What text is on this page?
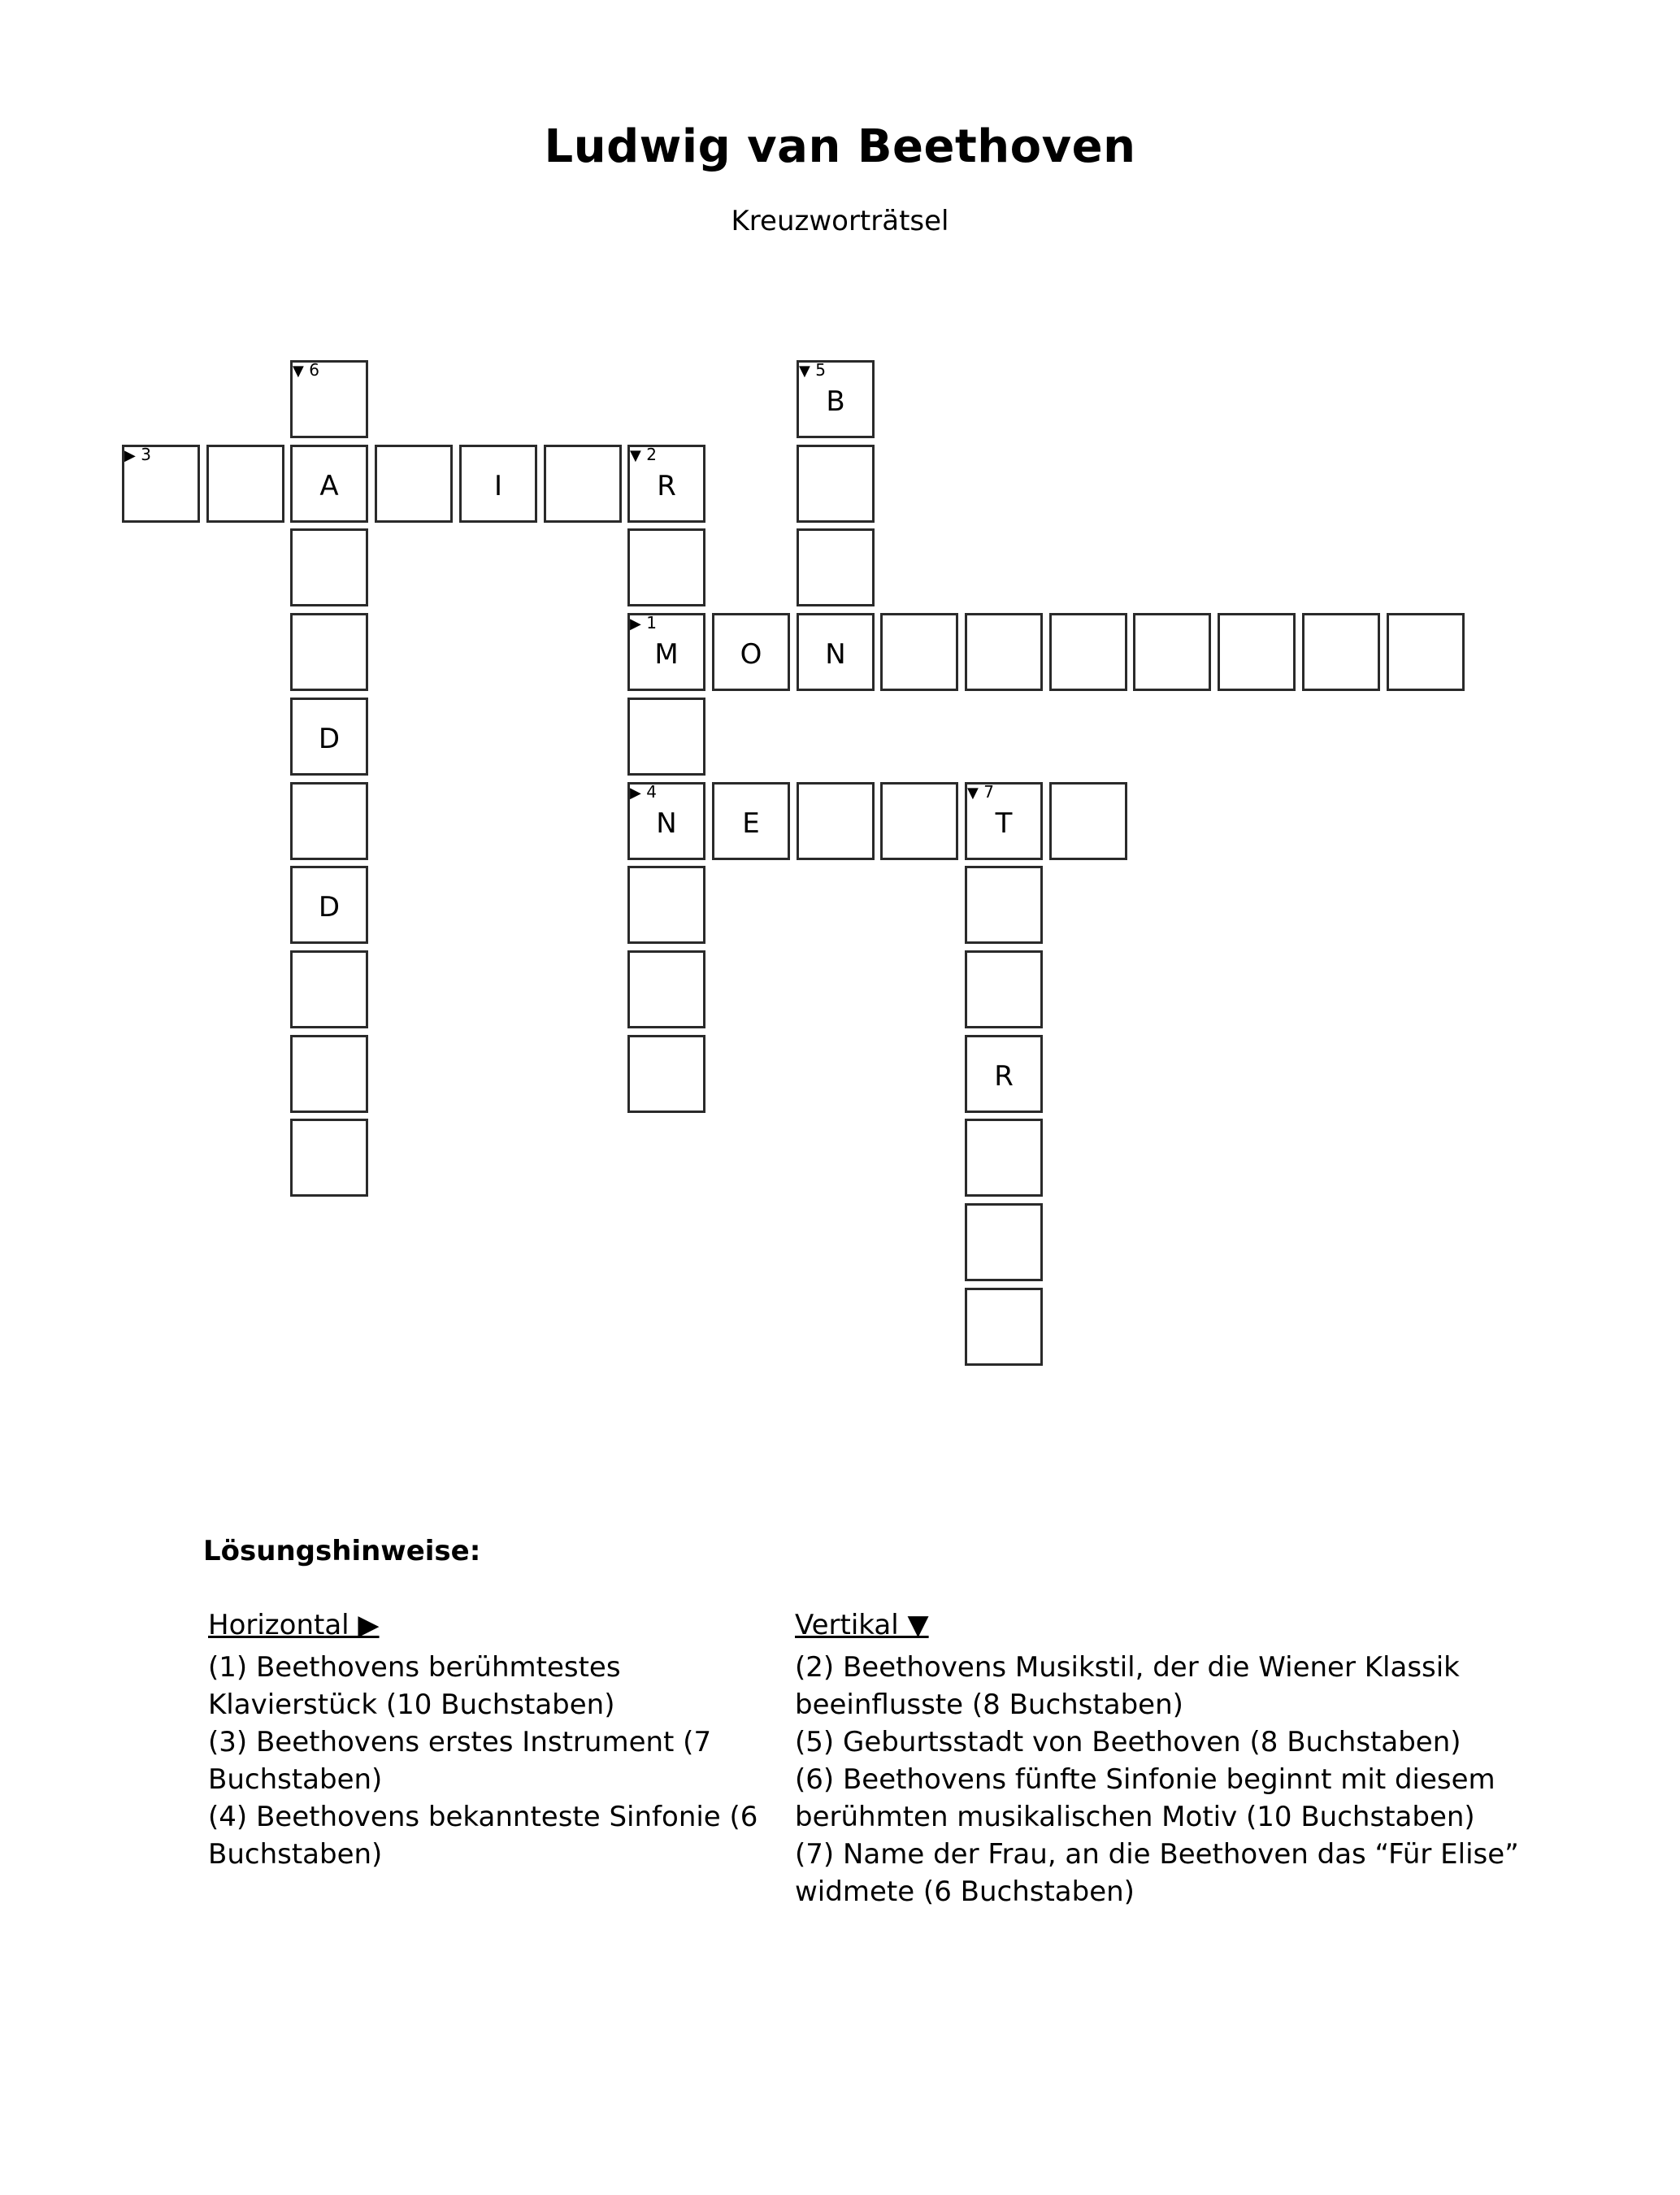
Ludwig van Beethoven
Kreuzworträtsel
▼ 6	▼ 5
B
▶ 3
A	I
▼ 2
R
▶ 1
M	O	N
D
▶ 4
N	E
▼ 7
T
D
R
Lösungshinweise:
Horizontal ▶

(1) Beethovens berühmtestes Klavierstück (10 Buchstaben)

(3) Beethovens erstes Instrument (7 Buchstaben)

(4) Beethovens bekannteste Sinfonie (6 Buchstaben)

Vertikal ▼

(2) Beethovens Musikstil, der die Wiener Klassik beeinflusste (8 Buchstaben)

(5) Geburtsstadt von Beethoven (8 Buchstaben)

(6) Beethovens fünfte Sinfonie beginnt mit diesem berühmten musikalischen Motiv (10 Buchstaben)

(7) Name der Frau, an die Beethoven das “Für Elise” widmete (6 Buchstaben)
